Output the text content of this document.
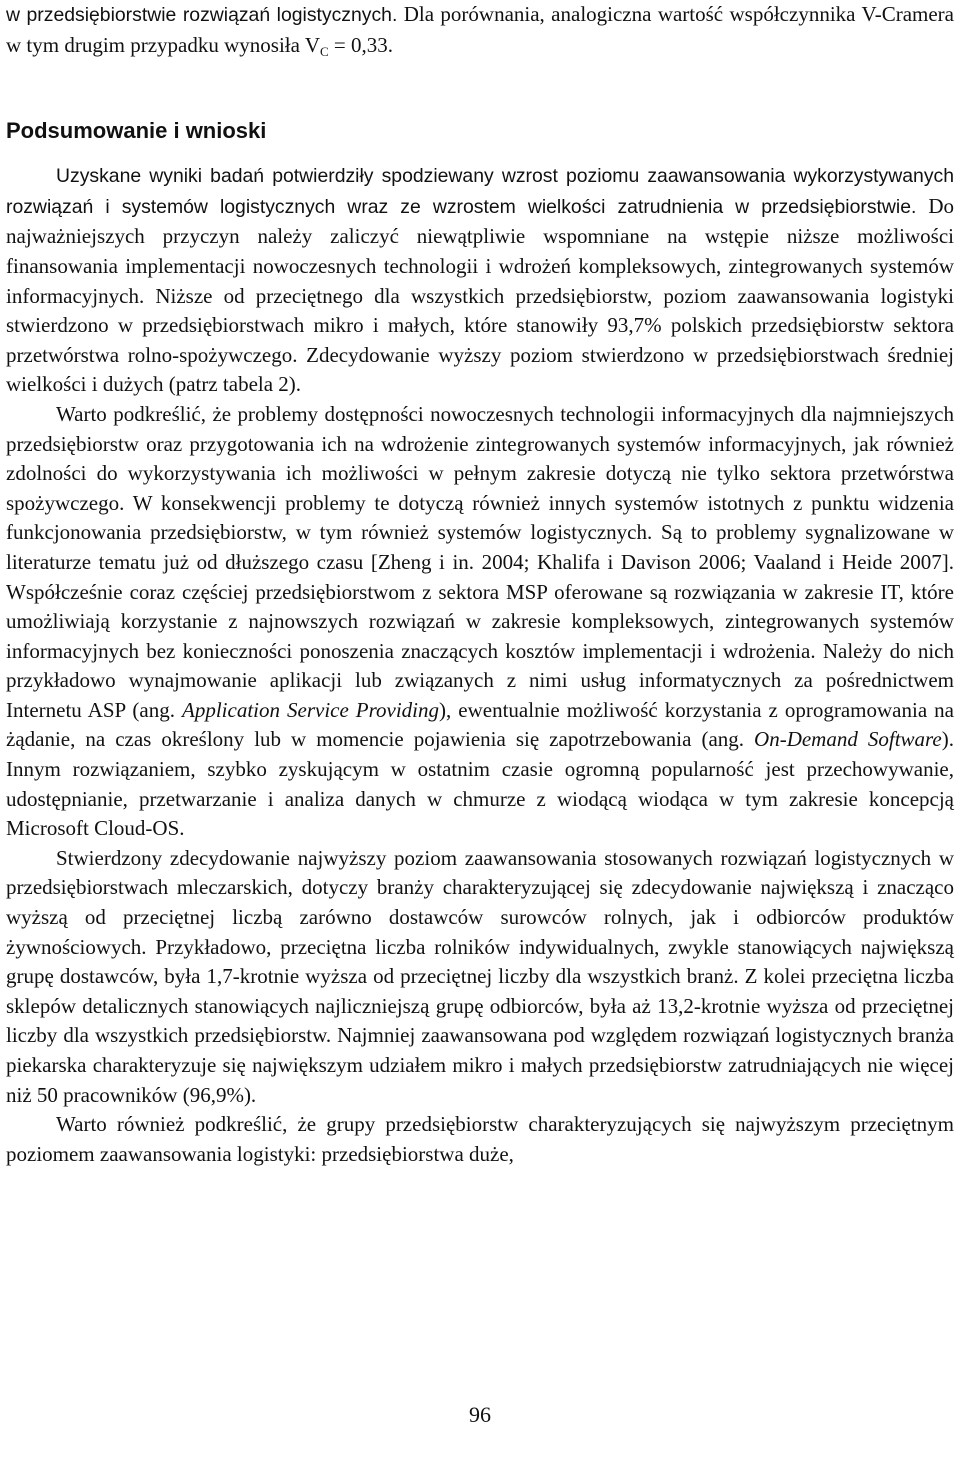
w przedsiębiorstwie rozwiązań logistycznych. Dla porównania, analogiczna wartość współczynnika V-Cramera w tym drugim przypadku wynosiła $V_C = 0,33$.

Podsumowanie i wnioski

Uzyskane wyniki badań potwierdziły spodziewany wzrost poziomu zaawansowania wykorzystywanych rozwiązań i systemów logistycznych wraz ze wzrostem wielkości zatrudnienia w przedsiębiorstwie. Do najważniejszych przyczyn należy zaliczyć niewątpliwie wspomniane na wstępie niższe możliwości finansowania implementacji nowoczesnych technologii i wdrożeń kompleksowych, zintegrowanych systemów informacyjnych. Niższe od przeciętnego dla wszystkich przedsiębiorstw, poziom zaawansowania logistyki stwierdzono w przedsiębiorstwach mikro i małych, które stanowiły 93,7% polskich przedsiębiorstw sektora przetwórstwa rolno-spożywczego. Zdecydowanie wyższy poziom stwierdzono w przedsiębiorstwach średniej wielkości i dużych (patrz tabela 2).

Warto podkreślić, że problemy dostępności nowoczesnych technologii informacyjnych dla najmniejszych przedsiębiorstw oraz przygotowania ich na wdrożenie zintegrowanych systemów informacyjnych, jak również zdolności do wykorzystywania ich możliwości w pełnym zakresie dotyczą nie tylko sektora przetwórstwa spożywczego. W konsekwencji problemy te dotyczą również innych systemów istotnych z punktu widzenia funkcjonowania przedsiębiorstw, w tym również systemów logistycznych. Są to problemy sygnalizowane w literaturze tematu już od dłuższego czasu [Zheng i in. 2004; Khalifa i Davison 2006; Vaaland i Heide 2007]. Współcześnie coraz częściej przedsiębiorstwom z sektora MSP oferowane są rozwiązania w zakresie IT, które umożliwiają korzystanie z najnowszych rozwiązań w zakresie kompleksowych, zintegrowanych systemów informacyjnych bez konieczności ponoszenia znaczących kosztów implementacji i wdrożenia. Należy do nich przykładowo wynajmowanie aplikacji lub związanych z nimi usług informatycznych za pośrednictwem Internetu ASP (ang. Application Service Providing), ewentualnie możliwość korzystania z oprogramowania na żądanie, na czas określony lub w momencie pojawienia się zapotrzebowania (ang. On-Demand Software). Innym rozwiązaniem, szybko zyskującym w ostatnim czasie ogromną popularność jest przechowywanie, udostępnianie, przetwarzanie i analiza danych w chmurze z wiodącą wiodąca w tym zakresie koncepcją Microsoft Cloud-OS.

Stwierdzony zdecydowanie najwyższy poziom zaawansowania stosowanych rozwiązań logistycznych w przedsiębiorstwach mleczarskich, dotyczy branży charakteryzującej się zdecydowanie największą i znacząco wyższą od przeciętnej liczbą zarówno dostawców surowców rolnych, jak i odbiorców produktów żywnościowych. Przykładowo, przeciętna liczba rolników indywidualnych, zwykle stanowiących największą grupę dostawców, była 1,7-krotnie wyższa od przeciętnej liczby dla wszystkich branż. Z kolei przeciętna liczba sklepów detalicznych stanowiących najliczniejszą grupę odbiorców, była aż 13,2-krotnie wyższa od przeciętnej liczby dla wszystkich przedsiębiorstw. Najmniej zaawansowana pod względem rozwiązań logistycznych branża piekarska charakteryzuje się największym udziałem mikro i małych przedsiębiorstw zatrudniających nie więcej niż 50 pracowników (96,9%).

Warto również podkreślić, że grupy przedsiębiorstw charakteryzujących się najwyższym przeciętnym poziomem zaawansowania logistyki: przedsiębiorstwa duże,

96
